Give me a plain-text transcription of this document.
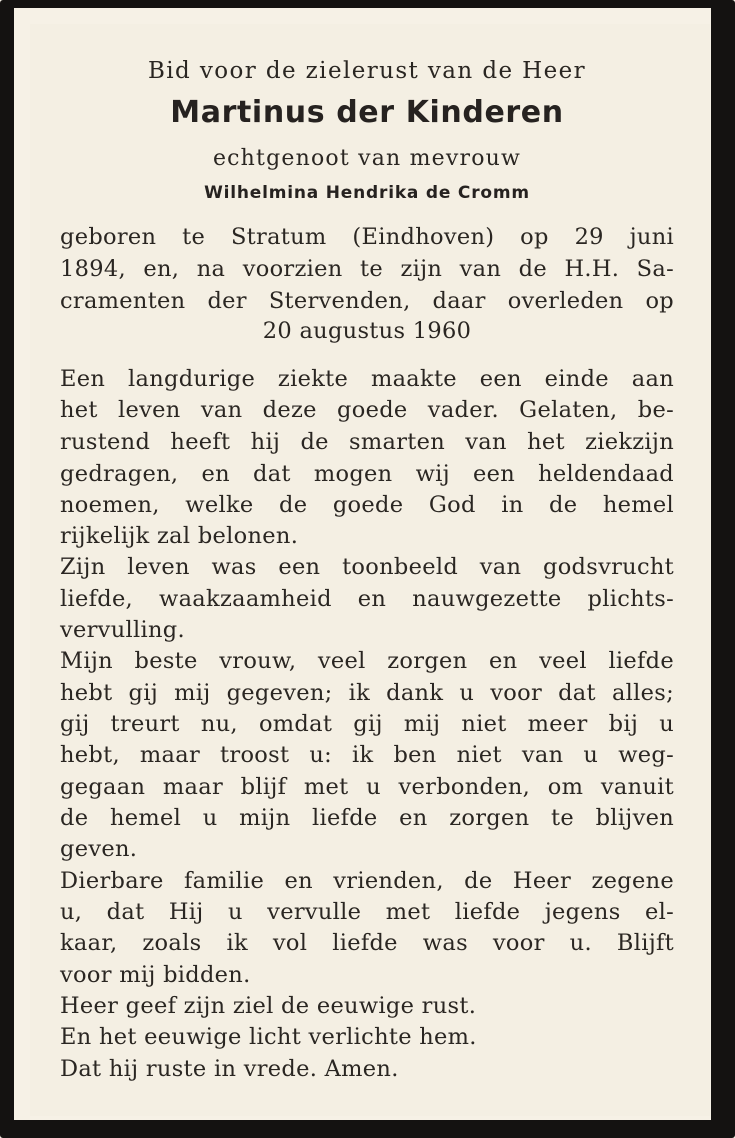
Bid voor de zielerust van de Heer

Martinus der Kinderen

echtgenoot van mevrouw

Wilhelmina Hendrika de Cromm

geboren te Stratum (Eindhoven) op 29 juni

1894, en, na voorzien te zijn van de H.H. Sa-

cramenten der Stervenden, daar overleden op

20 augustus 1960

Een langdurige ziekte maakte een einde aan

het leven van deze goede vader. Gelaten, be-

rustend heeft hij de smarten van het ziekzijn

gedragen, en dat mogen wij een heldendaad

noemen, welke de goede God in de hemel

rijkelijk zal belonen.

Zijn leven was een toonbeeld van godsvrucht

liefde, waakzaamheid en nauwgezette plichts-

vervulling.

Mijn beste vrouw, veel zorgen en veel liefde

hebt gij mij gegeven; ik dank u voor dat alles;

gij treurt nu, omdat gij mij niet meer bij u

hebt, maar troost u: ik ben niet van u weg-

gegaan maar blijf met u verbonden, om vanuit

de hemel u mijn liefde en zorgen te blijven

geven.

Dierbare familie en vrienden, de Heer zegene

u, dat Hij u vervulle met liefde jegens el-

kaar, zoals ik vol liefde was voor u. Blijft

voor mij bidden.

Heer geef zijn ziel de eeuwige rust.

En het eeuwige licht verlichte hem.

Dat hij ruste in vrede. Amen.
